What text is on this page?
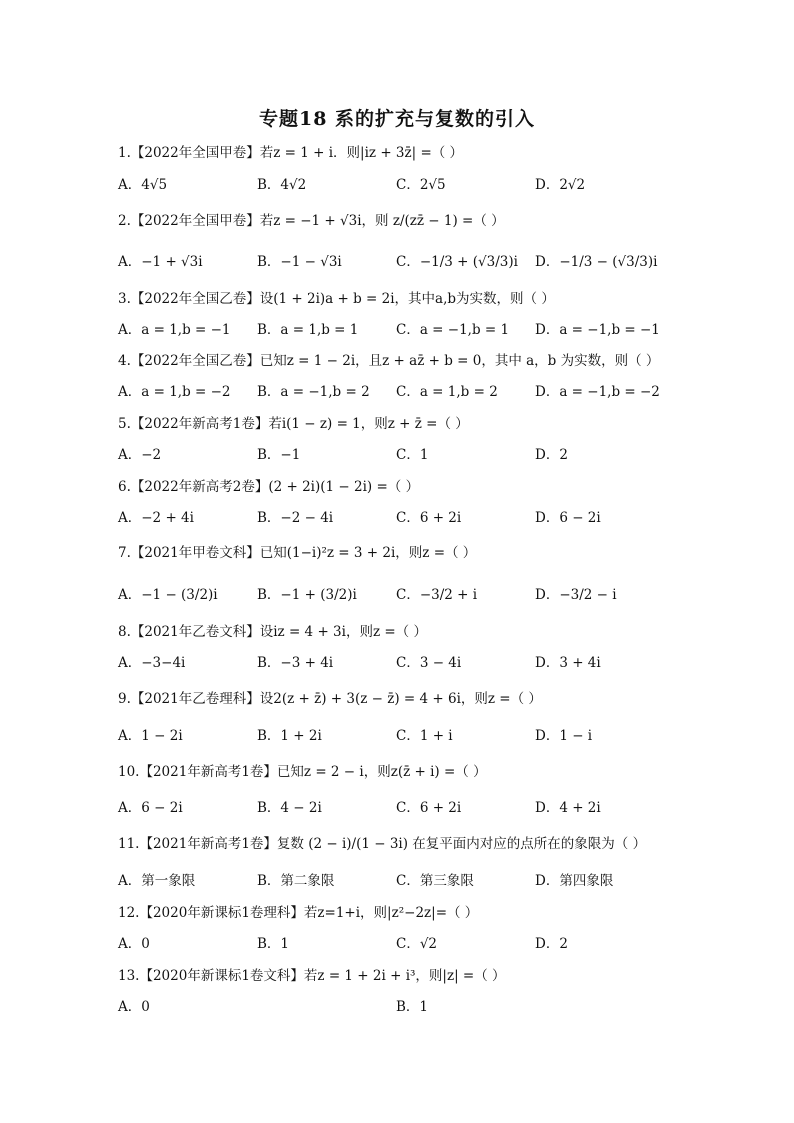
专题18 系的扩充与复数的引入
1.【2022年全国甲卷】若z = 1 + i．则|iz + 3z̄| =（ ）
A．4√5	B．4√2	C．2√5	D．2√2
2.【2022年全国甲卷】若z = −1 + √3i，则 z/(zz̄ − 1) =（ ）
A．−1 + √3i	B．−1 − √3i	C．−1/3 + (√3/3)i D．−1/3 − (√3/3)i
3.【2022年全国乙卷】设(1 + 2i)a + b = 2i，其中a,b为实数，则（ ）
A．a = 1,b = −1 B．a = 1,b = 1	C．a = −1,b = 1 D．a = −1,b = −1
4.【2022年全国乙卷】已知z = 1 − 2i，且z + az̄ + b = 0，其中 a，b 为实数，则（ ）
A．a = 1,b = −2 B．a = −1,b = 2 C．a = 1,b = 2	D．a = −1,b = −2
5.【2022年新高考1卷】若i(1 − z) = 1，则z + z̄ =（ ）
A．−2	B．−1	C．1	D．2
6.【2022年新高考2卷】(2 + 2i)(1 − 2i) =（ ）
A．−2 + 4i	B．−2 − 4i	C．6 + 2i	D．6 − 2i
7.【2021年甲卷文科】已知(1−i)²z = 3 + 2i，则z =（ ）
A．−1 − (3/2)i	B．−1 + (3/2)i	C．−3/2 + i	D．−3/2 − i
8.【2021年乙卷文科】设iz = 4 + 3i，则z =（ ）
A．−3−4i	B．−3 + 4i	C．3 − 4i	D．3 + 4i
9.【2021年乙卷理科】设2(z + z̄) + 3(z − z̄) = 4 + 6i，则z =（ ）
A．1 − 2i	B．1 + 2i	C．1 + i	D．1 − i
10.【2021年新高考1卷】已知z = 2 − i，则z(z̄ + i) =（ ）
A．6 − 2i	B．4 − 2i	C．6 + 2i	D．4 + 2i
11.【2021年新高考1卷】复数 (2 − i)/(1 − 3i) 在复平面内对应的点所在的象限为（ ）
A．第一象限	B．第二象限	C．第三象限	D．第四象限
12.【2020年新课标1卷理科】若z=1+i，则|z²−2z|=（ ）
A．0	B．1	C．√2	D．2
13.【2020年新课标1卷文科】若z = 1 + 2i + i³，则|z| =（ ）
A．0	B．1
